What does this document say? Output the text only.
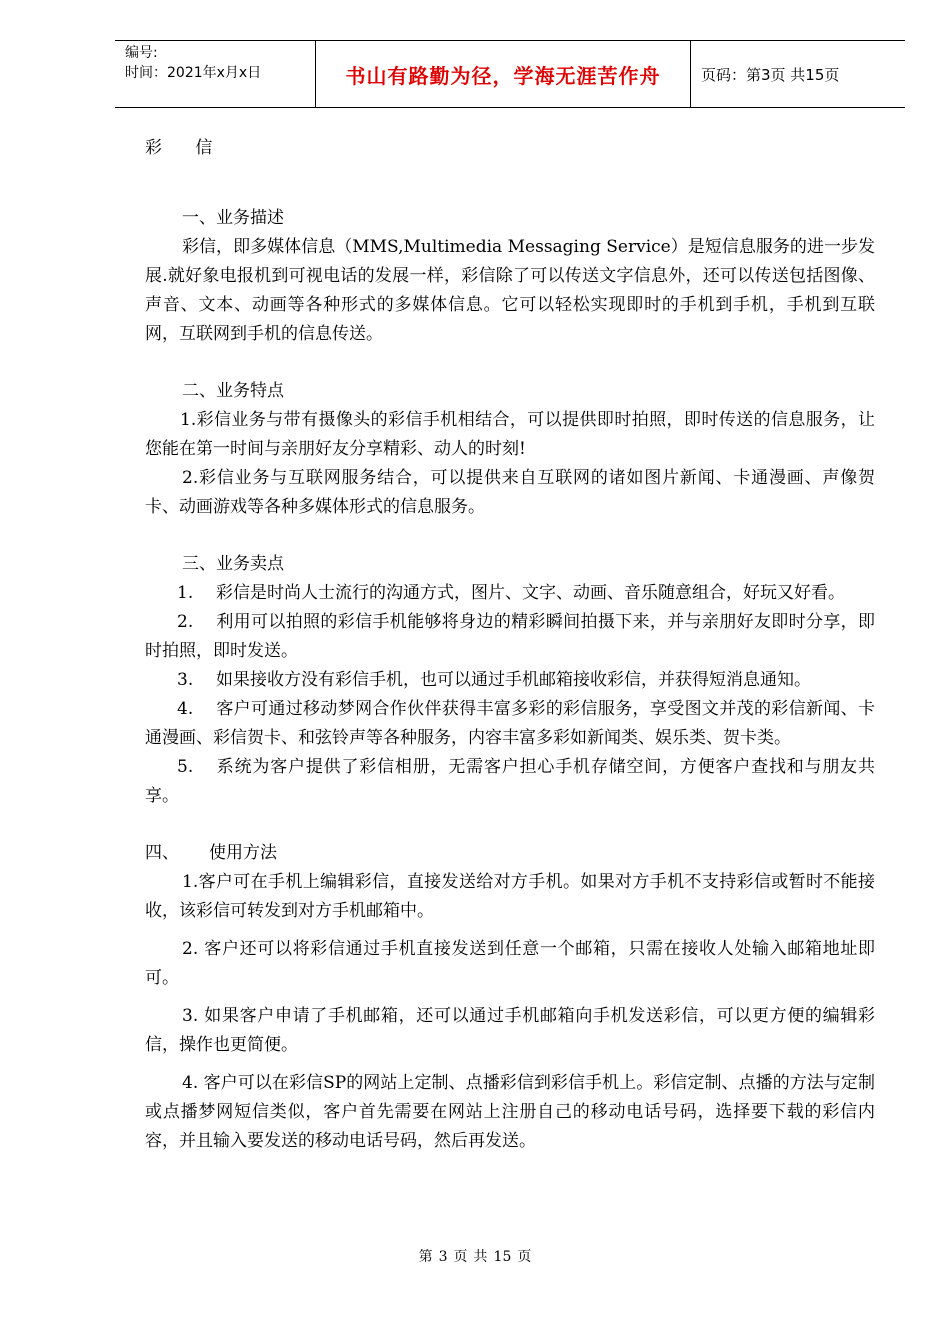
编号:
时间：2021年x月x日	书山有路勤为径，学海无涯苦作舟	页码：第3页 共15页
彩 信
一、业务描述

彩信，即多媒体信息（MMS,Multimedia Messaging Service）是短信息服务的进一步发展.就好象电报机到可视电话的发展一样，彩信除了可以传送文字信息外，还可以传送包括图像、声音、文本、动画等各种形式的多媒体信息。它可以轻松实现即时的手机到手机，手机到互联网，互联网到手机的信息传送。

二、业务特点

1.彩信业务与带有摄像头的彩信手机相结合，可以提供即时拍照，即时传送的信息服务，让您能在第一时间与亲朋好友分享精彩、动人的时刻!

2.彩信业务与互联网服务结合，可以提供来自互联网的诸如图片新闻、卡通漫画、声像贺卡、动画游戏等各种多媒体形式的信息服务。

三、业务卖点

1. 彩信是时尚人士流行的沟通方式，图片、文字、动画、音乐随意组合，好玩又好看。

2. 利用可以拍照的彩信手机能够将身边的精彩瞬间拍摄下来，并与亲朋好友即时分享，即时拍照，即时发送。

3. 如果接收方没有彩信手机，也可以通过手机邮箱接收彩信，并获得短消息通知。

4. 客户可通过移动梦网合作伙伴获得丰富多彩的彩信服务，享受图文并茂的彩信新闻、卡通漫画、彩信贺卡、和弦铃声等各种服务，内容丰富多彩如新闻类、娱乐类、贺卡类。

5. 系统为客户提供了彩信相册，无需客户担心手机存储空间，方便客户查找和与朋友共享。

四、 使用方法

1.客户可在手机上编辑彩信，直接发送给对方手机。如果对方手机不支持彩信或暂时不能接收，该彩信可转发到对方手机邮箱中。

2. 客户还可以将彩信通过手机直接发送到任意一个邮箱，只需在接收人处输入邮箱地址即可。

3. 如果客户申请了手机邮箱，还可以通过手机邮箱向手机发送彩信，可以更方便的编辑彩信，操作也更简便。

4. 客户可以在彩信SP的网站上定制、点播彩信到彩信手机上。彩信定制、点播的方法与定制或点播梦网短信类似，客户首先需要在网站上注册自己的移动电话号码，选择要下载的彩信内容，并且输入要发送的移动电话号码，然后再发送。

第 3 页 共 15 页
